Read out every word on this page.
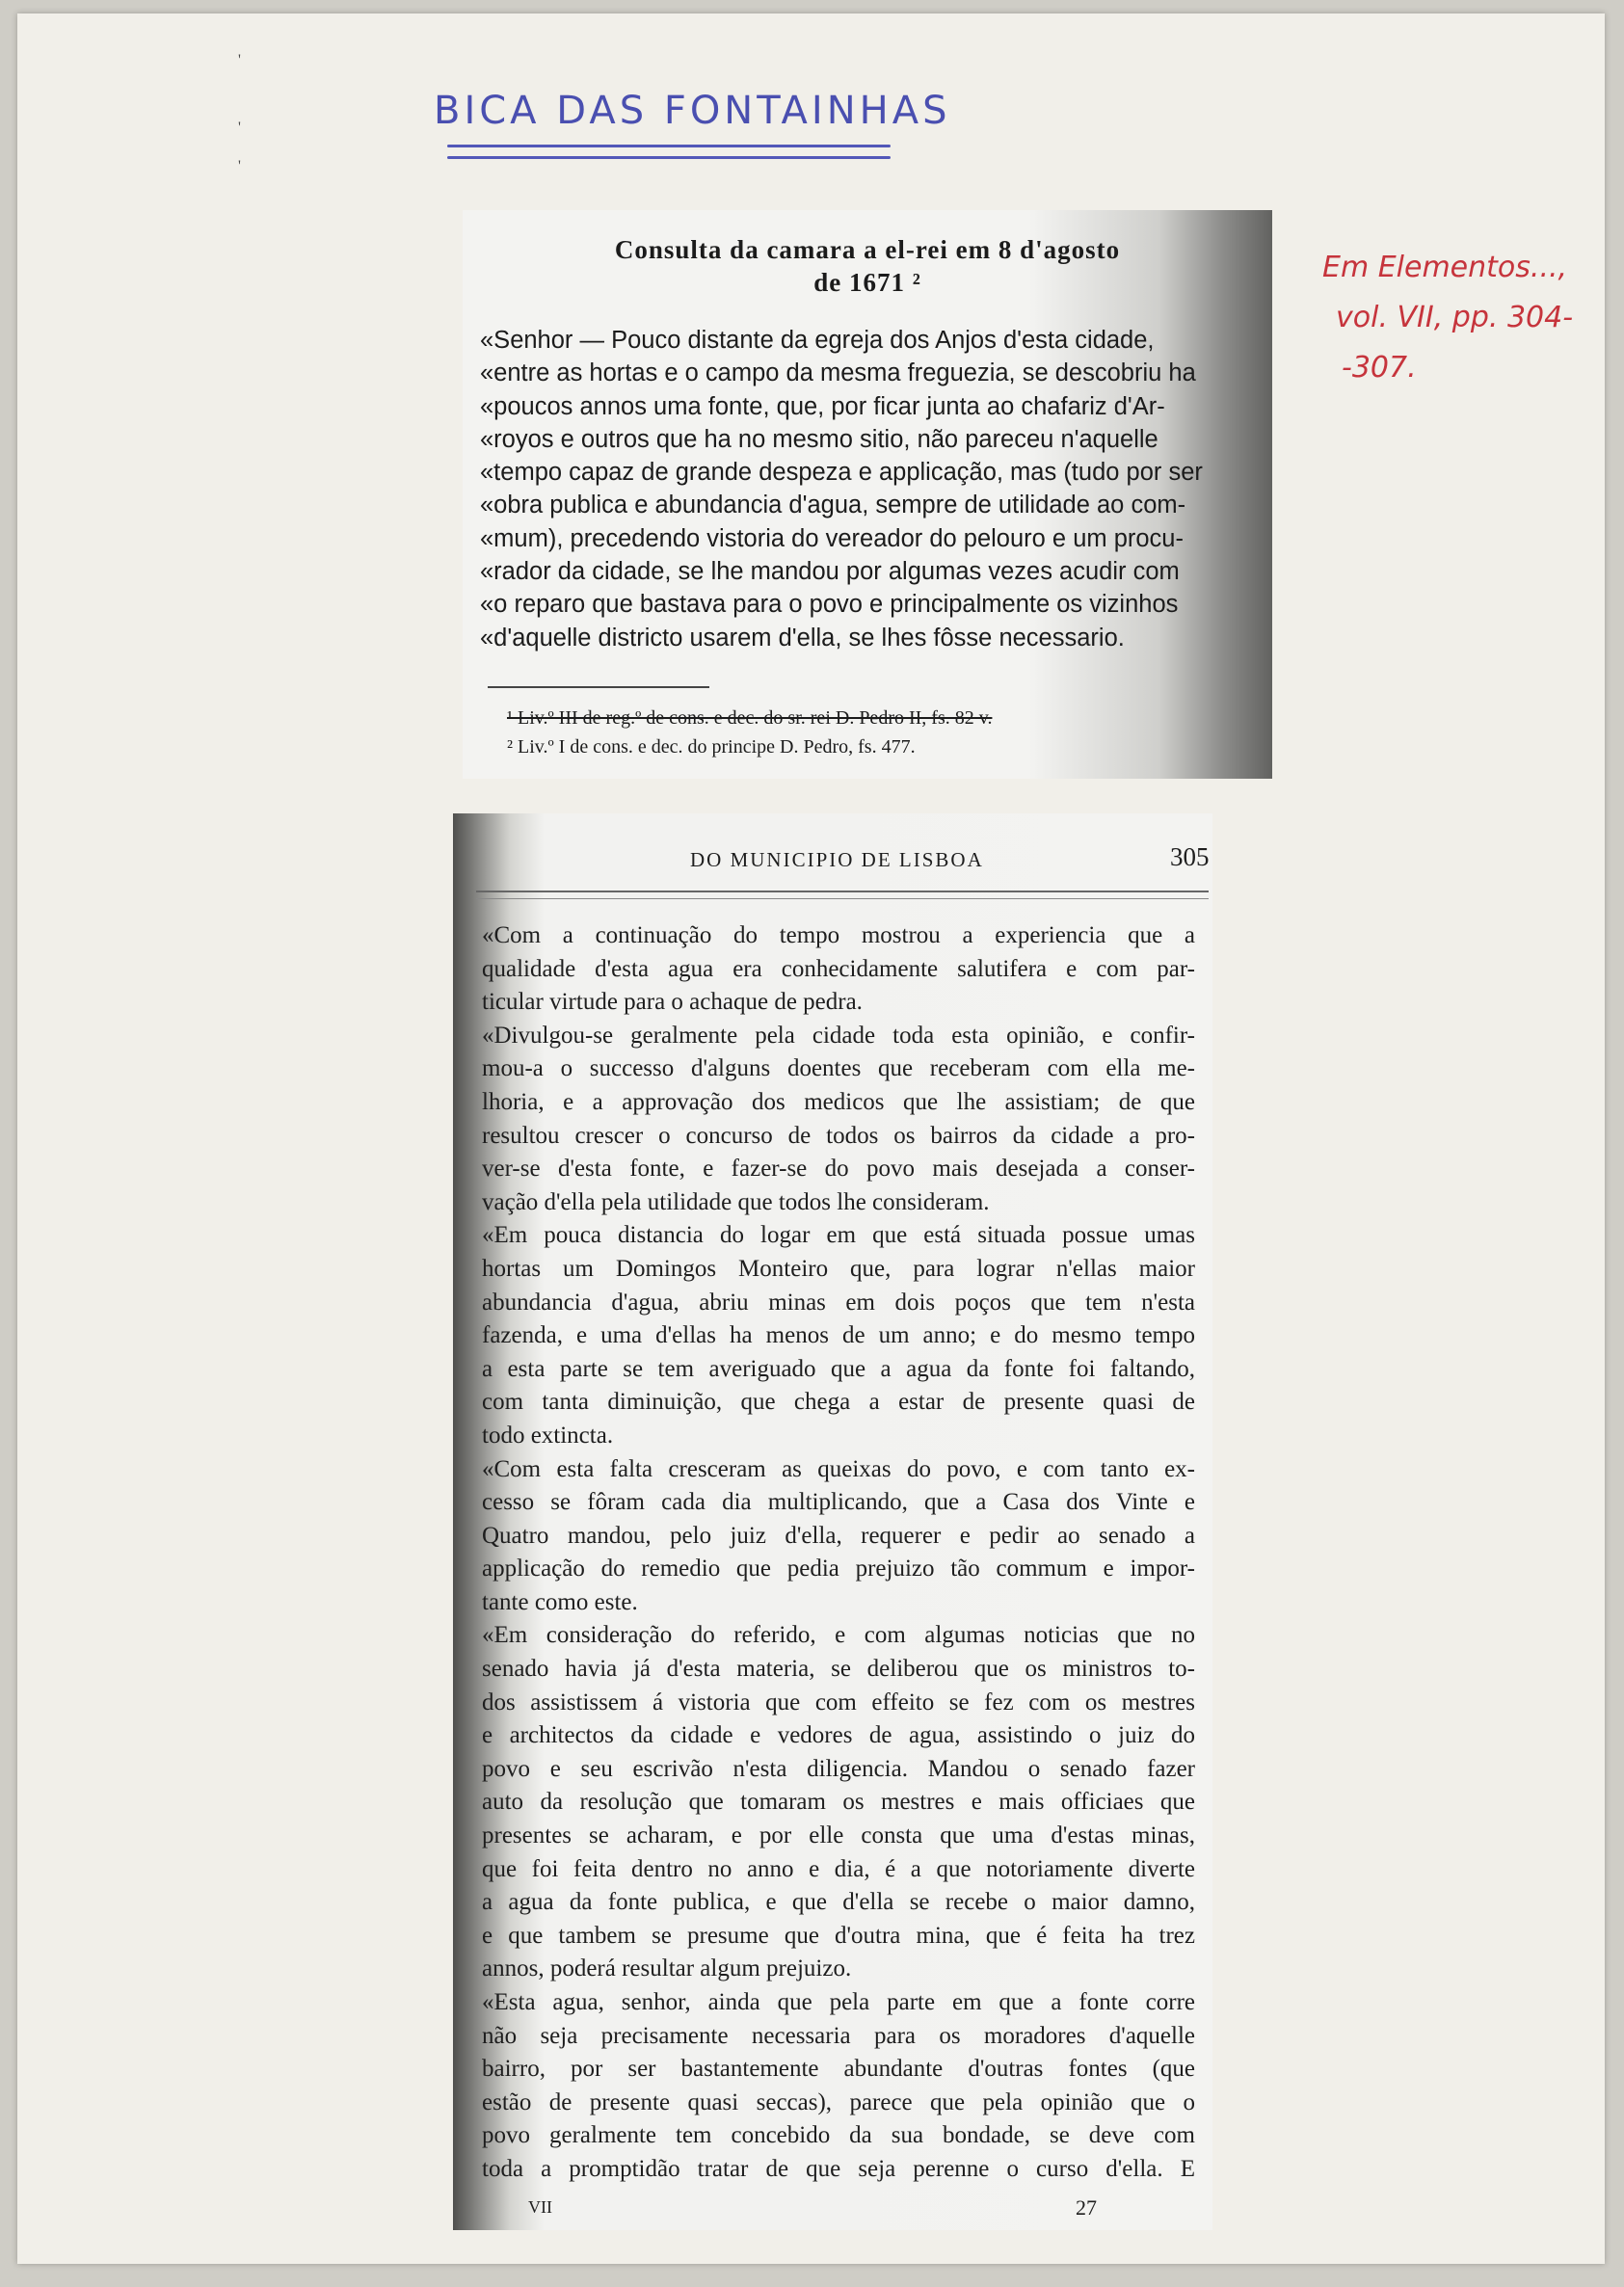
'
'
'
BICA DAS FONTAINHAS
Em Elementos...,
vol. VII, pp. 304-
-307.
Consulta da camara a el-rei em 8 d'agosto
de 1671 ²
«Senhor — Pouco distante da egreja dos Anjos d'esta cidade,
«entre as hortas e o campo da mesma freguezia, se descobriu ha
«poucos annos uma fonte, que, por ficar junta ao chafariz d'Ar-
«royos e outros que ha no mesmo sitio, não pareceu n'aquelle
«tempo capaz de grande despeza e applicação, mas (tudo por ser
«obra publica e abundancia d'agua, sempre de utilidade ao com-
«mum), precedendo vistoria do vereador do pelouro e um procu-
«rador da cidade, se lhe mandou por algumas vezes acudir com
«o reparo que bastava para o povo e principalmente os vizinhos
«d'aquelle districto usarem d'ella, se lhes fôsse necessario.
¹ Liv.º III de reg.º de cons. e dec. do sr. rei D. Pedro II, fs. 82 v.
² Liv.º I de cons. e dec. do principe D. Pedro, fs. 477.
DO MUNICIPIO DE LISBOA	305
«Com a continuação do tempo mostrou a experiencia que a
qualidade d'esta agua era conhecidamente salutifera e com par-
ticular virtude para o achaque de pedra.
«Divulgou-se geralmente pela cidade toda esta opinião, e confir-
mou-a o successo d'alguns doentes que receberam com ella me-
lhoria, e a approvação dos medicos que lhe assistiam; de que
resultou crescer o concurso de todos os bairros da cidade a pro-
ver-se d'esta fonte, e fazer-se do povo mais desejada a conser-
vação d'ella pela utilidade que todos lhe consideram.
«Em pouca distancia do logar em que está situada possue umas
hortas um Domingos Monteiro que, para lograr n'ellas maior
abundancia d'agua, abriu minas em dois poços que tem n'esta
fazenda, e uma d'ellas ha menos de um anno; e do mesmo tempo
a esta parte se tem averiguado que a agua da fonte foi faltando,
com tanta diminuição, que chega a estar de presente quasi de
todo extincta.
«Com esta falta cresceram as queixas do povo, e com tanto ex-
cesso se fôram cada dia multiplicando, que a Casa dos Vinte e
Quatro mandou, pelo juiz d'ella, requerer e pedir ao senado a
applicação do remedio que pedia prejuizo tão commum e impor-
tante como este.
«Em consideração do referido, e com algumas noticias que no
senado havia já d'esta materia, se deliberou que os ministros to-
dos assistissem á vistoria que com effeito se fez com os mestres
e architectos da cidade e vedores de agua, assistindo o juiz do
povo e seu escrivão n'esta diligencia. Mandou o senado fazer
auto da resolução que tomaram os mestres e mais officiaes que
presentes se acharam, e por elle consta que uma d'estas minas,
que foi feita dentro no anno e dia, é a que notoriamente diverte
a agua da fonte publica, e que d'ella se recebe o maior damno,
e que tambem se presume que d'outra mina, que é feita ha trez
annos, poderá resultar algum prejuizo.
«Esta agua, senhor, ainda que pela parte em que a fonte corre
não seja precisamente necessaria para os moradores d'aquelle
bairro, por ser bastantemente abundante d'outras fontes (que
estão de presente quasi seccas), parece que pela opinião que o
povo geralmente tem concebido da sua bondade, se deve com
toda a promptidão tratar de que seja perenne o curso d'ella. E
VII	27
